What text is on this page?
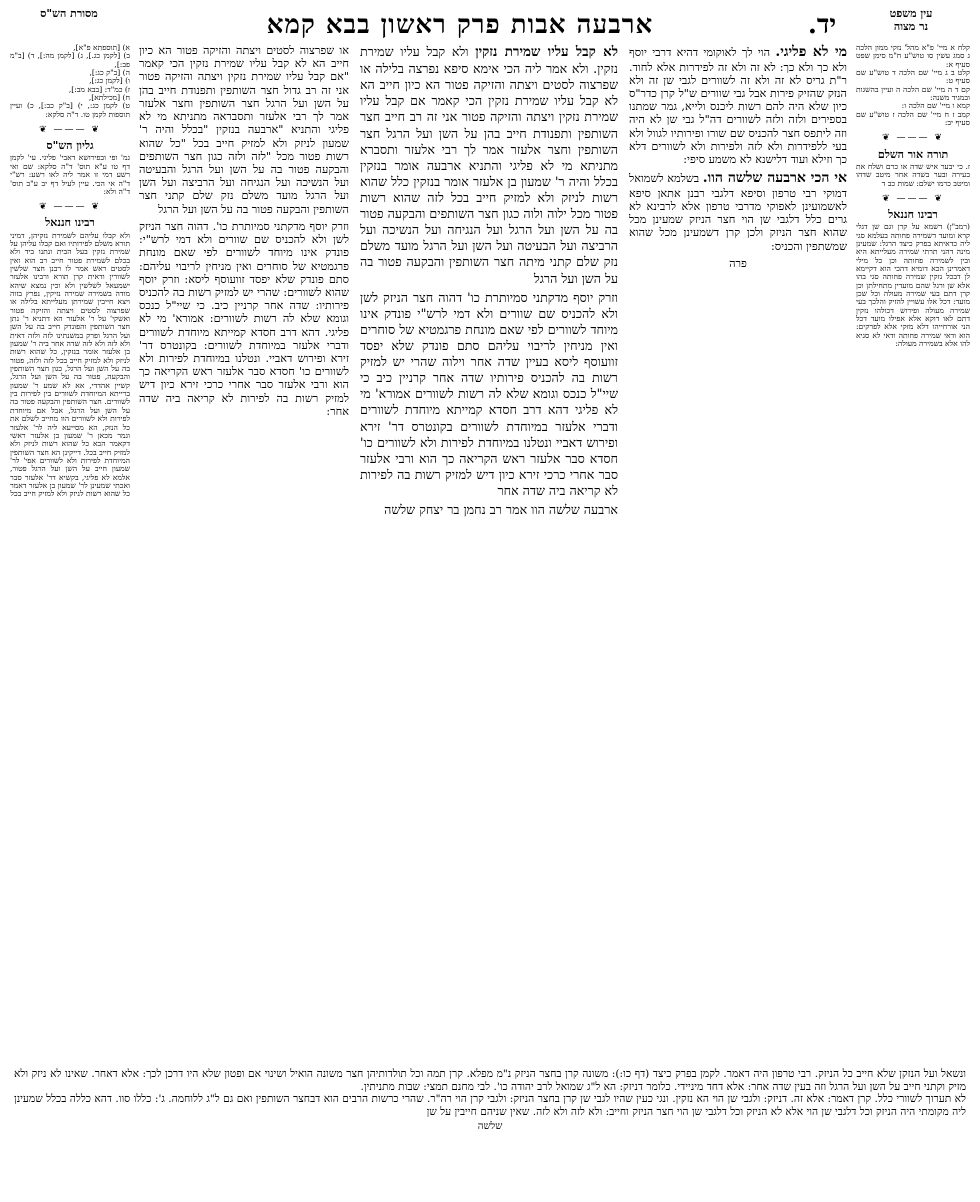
עין משפט
נר מצוה
יד.
ארבעה אבות פרק ראשון בבא קמא
מסורת הש"ס
קלח א מיי' פ"א מהל' נזקי ממון הלכה ג סמג עשין סו טוש"ע ח"מ סימן שפט סעיף א:
קלט ב ג מיי' שם הלכה ד טוש"ע שם סעיף ט:
קם ד ה מיי' שם הלכה ה ועיין בהשגות ובמגיד משנה:
קמא ו מיי' שם הלכה ו:
קמב ז ח מיי' שם הלכה ז טוש"ע שם סעיף יב:
❦ ——— ❦
תורה אור השלם
ז. כי יבער איש שדה או כרם ושלח את בעירה ובער בשדה אחר מיטב שדהו ומיטב כרמו ישלם: שמות כב ד
❦ ——— ❦
רבינו חננאל
(רמב"ן) דשמא על קרן וגם שן דגלי קרא ומועד דשמירה פחותה בעלמא סגי ליה כדאיתא בפרק כיצד הרגל: שמעינן מינה דהני תרתי שמירה מעלייתא היא ובין לשמירה פחותה וכן כל מילי דאמרינן הכא דומיא דהכי הוא דקיימא לן דבכל נזקין שמירה פחותה סגי בהו אלא שן ורגל שהם מועדין מתחילתן וכן קרן דתם בעי שמירה מעולה וכל שכן מועד: דכל אלו עשויין להזיק והלכך בעי שמירה מעולה ופירוש דכולהו נזקין דתם לאו דוקא אלא אפילו מועד דכל הני אורחייהו דלא מזקי אלא לפרקים: הוא ודאי שמירה פחותה ודאי לא סגיא להו אלא בשמירה מעולה:
מי לא פליגי. הוי לך לאוקומי דהיא דרבי יוסף ולא כך ולא כך: לא זה ולא זה לפידרות אלא לחוד. ר"ת גריס לא זה ולא זה לשוורים לגבי שן זה ולא הנזק שהזיק פירות אבל גבי שוורים ש"ל קרן כדר"ס כיון שלא היה להם רשות ליכנס ולייא, גמר שמתנו בספירים ולזה ולזה לשוורים דה"ל גבי שן לא היה וזה ליתפס חצר להכניס שם שורו ופירותיו לגוול ולא בעי ללפידרות ולא לזה ולפירות ולא לשוורים דלא כך וזילא ועוד דלישנא לא משמע סיפי:
אי הכי ארבעה שלשה הוו. בשלמא לשמואל דמוקי רבי טרפון וסיפא דלגבי רבנן אתאן סיפא לאשמועינן לאפוקי מדרבי טרפון אלא לרבינא לא גרים כלל דלגבי שן הוי חצר הניזק שמעינן מכל שהוא חצר הניזק ולכן קרן דשמעינן מכל שהוא שמשתפין והכניס:
פרה
לא קבל עליו שמירת נזקין ולא קבל עליו שמירת נזקין. ולא אמר ליה הכי אימא סיפא נפרצה בלילה או שפרצוה לסטים ויצתה והזיקה פטור הא כיון חייב הא לא קבל עליו שמירת נזקין הכי קאמר אם קבל עליו שמירת נזקין ויצתה והזיקה פטור אני זה רב חייב חצר השותפין ותפנודת חייב בהן על השן ועל הרגל חצר השותפין וחצר אלעזר אמר לך רבי אלעזר ותסברא מתניתא מי לא פליגי והתניא ארבעה אומר בנזקין בכלל והיה ר' שמעון בן אלעזר אומר בנזקין כלל שהוא רשות לניזק ולא למזיק חייב בכל לזה שהוא רשות פטור מכל ילוה ולוה כגון חצר השותפים והבקעה פטור בה על השן ועל הרגל ועל הנגיחה ועל הנשיכה ועל הרביצה ועל הבעיטה ועל השן ועל הרגל מועד משלם נזק שלם קתני מיתה חצר השותפין והבקעה פטור בה על השן ועל הרגל
וזרק יוסף מדקתני סמיותרת כו' דהוה חצר הניזק לשן ולא להכניס שם שוורים ולא דמי לרש"י פונדק אינו מיוחד לשוורים לפי שאם מונחת פרגמטיא של סוחרים ואין מניחין לריבוי עליהם סתם פונדק שלא יפסד זוועוסף ליסא בעיין שדה אחר וילוה שהרי יש למזיק רשות בה להכניס פירותיו שדה אחר קרניין כיב כי שיי"ל כנכס וגומא שלא לה רשות לשוורים אמורא' מי לא פליגי דהא דרב חסדא קמייתא מיוחדת לשוורים ודברי אלעזר במיוחדת לשוורים בקונטרס דר' זירא ופירוש דאביי ונטלנו במיוחדת לפירות ולא לשוורים כו' חסדא סבר אלעזר ראש הקריאה כך הוא ורבי אלעזר סבר אחרי כרכי זירא כיון דיש למזיק רשות בה לפירות לא קריאה ביה שדה אחר
ארבעה שלשה הוו אמר רב נחמן בר יצחק שלשה
או שפרצוה לסטים ויצתה והזיקה פטור הא כיון חייב הא לא קבל עליו שמירת נזקין הכי קאמר "אם קבל עליו שמירת נזקין ויצתה והזיקה פטור אני זה רב גדול חצר השותפין ותפנודת חייב בהן על השן ועל הרגל חצר השותפין וחצר אלעזר אמר לך רבי אלעזר ותסבראה מתניתא מי לא פליגי והתניא "ארבעה בנזקין "בכלל והיה ר' שמעון לניזק ולא למזיק חייב בכל "כל שהוא רשות פטור מכל "לזה ולזה כגון חצר השותפים והבקעה פטור בה על השן ועל הרגל והבעיטה ועל הנשיכה ועל הנגיחה ועל הרביצה ועל השן ועל הרגל מועד משלם נזק שלם קתני חצר השותפין והבקעה פטור בה על השן ועל הרגל
וזרק יוסף מדקתני סמיותרת כו'. דהוה חצר הניזק לשן ולא להכניס שם שוורים ולא דמי לרש"י: פונדק אינו מיוחד לשוורים לפי שאם מונחת פרגמטיא של סוחרים ואין מניחין לריבוי עליהם: סתם פונדק שלא יפסד זוועוסף ליסא: וזרק יוסף שהוא לשוורים: שהרי יש למזיק רשות בה להכניס פירותיו: שדה אחר קרניין כיב. כי שיי"ל כנכס וגומא שלא לה רשות לשוורים: אמורא' מי לא פליגי. דהא דרב חסדא קמייתא מיוחדת לשוורים ודברי אלעזר במיוחדת לשוורים: בקונטרס דר' זירא ופירוש דאביי. ונטלנו במיוחדת לפירות ולא לשוורים כו' חסדא סבר אלעזר ראש הקריאה כך הוא ורבי אלעזר סבר אחרי כרכי זירא כיון דיש למזיק רשות בה לפירות לא קריאה ביה שדה אחר:
א) [תוספתא פ"א],
ב) [לקמן כג.], ג) [לקמן מה:], ד) [ב"מ פב:],
ה) [ב"ק כג:],
ו) [לקמן כג:],
ז) כמ"ד: [בבא מב:],
ח) [מכילתא],
ט) לקמן כג:, י) [ב"ק כב:], כ) ועיין תוספות לקמן טו. ד"ה סלקא:
❦ ——— ❦
גליון הש"ס
גמ' ופי ובפירושא דאבי' פליגי. עי' לקמן דף טו ע"א תוס' ד"ה סלקא: שם ואי רשע דמי זו אמר ליה לאו רשע: רש"י ד"ה אי הכי. עיין לעיל דף יב ע"ב תוס' ד"ה ולא:
❦ ——— ❦
רבינו חננאל
ולא קבלו עליהם לשמירת נזקיהן, דמיני תורא משלם לפירותיו ואם קבלו עליהן על שמירת נזקין בעל הבית ונתנו ביד ולא בכלם לשמירת פטור חייב רב הוא ואין לסטים ראש אמר לו רבנן חצר שלשין לשוורין ודאית קרן תורא ורבינו אלעזר ישמעאל לשלשין ולא וכין נמצא שיהא מודה בשמירה שמירה נזיקין, נפרץ בזוה ויצא חייבין שמירתן מעלייתא בלילה או שפרצוה לסטים ויצתה והזיקה פטור ואשקי' על ר' אלעזר הא דתניא ר' נתן חצר השותפין והפונדק חייב בה על השן ועל הרגל ופרק במשנתינו לזה ולזה דאית ולא לזה ולא לזה שדה אחר ביה ר' שמעון בן אלעזר אומר בנזקין, כל שהוא רשות לניזק ולא למזיק חייב בכל לזה ולזה, פטור בה על השן ועל הרגל, כגון חצר השותפין והבקעה, פטור בה על השן ועל הרגל, קשיין אהדדי, אא לא שמע ר' שמעון ברייתא המיוחדת לשוורים בין לפירות בין לשוורים. חצר השותפין והבקעה פטור בה על השן ועל הרגל, אבל אם מיוחדת לפירות ולא לשוורים הוו מחייב לשלם את כל הנזק, הא מסייעא ליה לר' אלעזר וגמר מכאן ר' שמעון בן אלעזר ראשי דקאמר הכא כל שהוא רשות לניזק ולא למזיק חייב בכל. דייקינן הא חצר השותפין המיוחדת לפירות ולא לשוורים אפי' לר' שמעון חייב על השן ועל הרגל פטור, אלמא לא פליגי, בקשיא דר' אלעזר סבר ואכתי שמעינן לר' שמעון בן אלעזר דאמר כל שהוא רשות לניזק ולא למזיק חייב בכל
ונשאל ועל הנזקן שלא חייב כל הניזק. רבי טרפון היה דאמר. לקמן בפרק כיצד (דף כו:): משונה קרן בחצר הניזק נ"מ מפלא. קרן תמה וכל תולדותיהן חצר משונה הואיל ושינוי אם ופטון שלא היו דרכן לכך: אלא דאחר. שאינו לא ניזק ולא מזיק וקתני חייב על השן ועל הרגל וזה בעין שדה אחר: אלא דחד מיניידי. כלומר דניזק: הא ל"ג שמואל לרב יהודה כו'. לבי מחנם תמצי: שבות מתניתין.
לא תערוך לשוורי כלל. קרן דאמר: אלא זה. דניזק: ולגבי שן הוי הא נזקין. ונגי כעין שהיו לגבי שן קרן בחצר הניזק: ולגבי קרן הוי רה"ר. שהרי כרשות הרבים הוא דבחצר השותפין ואם גם ל"ג ללוחמה. ג': כללו סוו. דהא כללה בכלל שמעינן ליה מקומתי היה הניזק וכל דלגבי שן הוי אלא לא הניזק וכל דלגבי שן הוי חצר הניזק וחייב: ולא לזה ולא לזה. שאין שניהם חייבין על שן
שלשה
